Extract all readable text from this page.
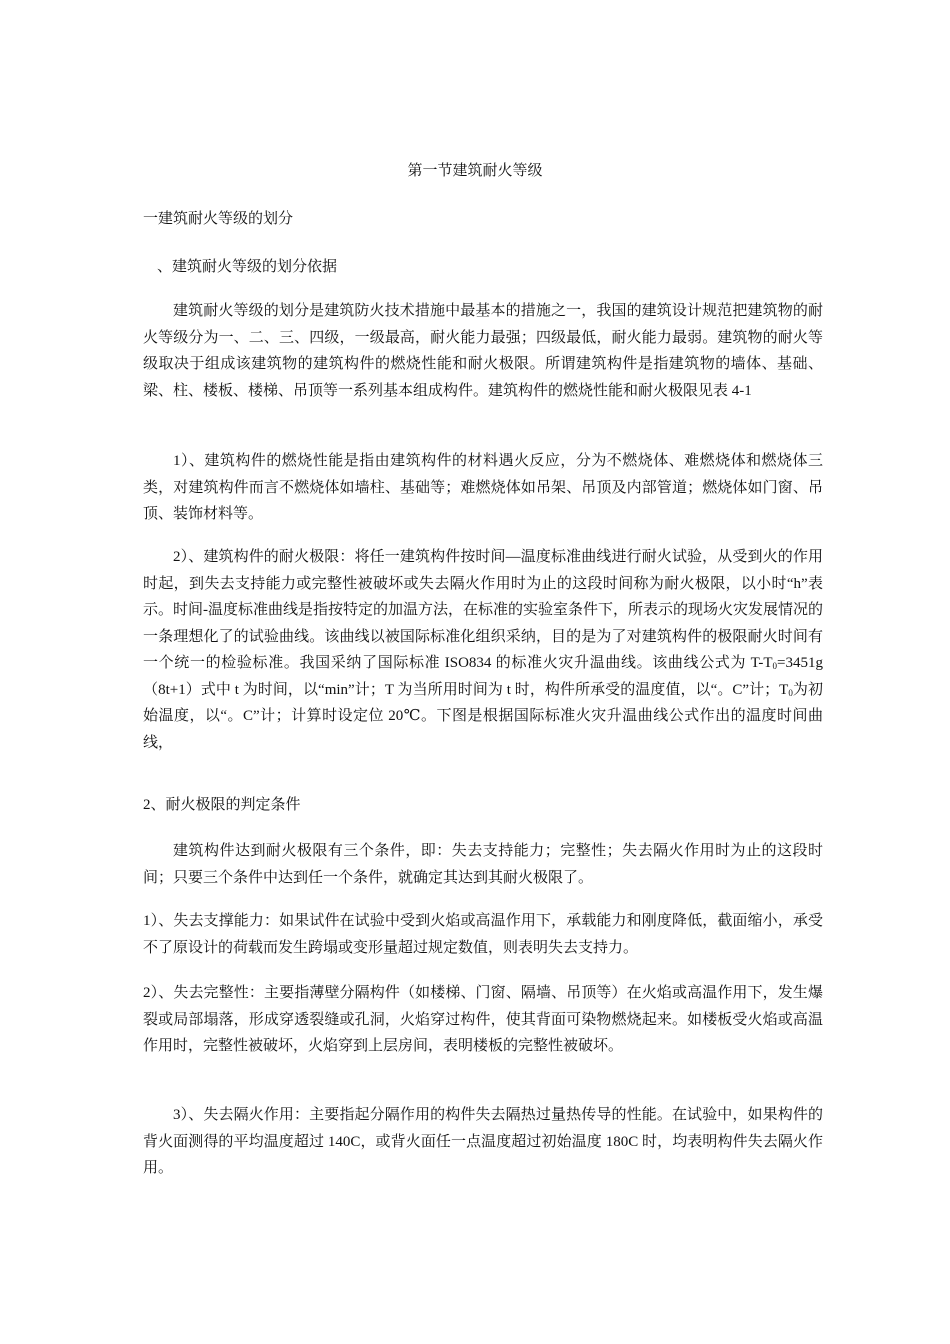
第一节建筑耐火等级

一建筑耐火等级的划分

、建筑耐火等级的划分依据

建筑耐火等级的划分是建筑防火技术措施中最基本的措施之一，我国的建筑设计规范把建筑物的耐火等级分为一、二、三、四级，一级最高，耐火能力最强；四级最低，耐火能力最弱。建筑物的耐火等级取决于组成该建筑物的建筑构件的燃烧性能和耐火极限。所谓建筑构件是指建筑物的墙体、基础、梁、柱、楼板、楼梯、吊顶等一系列基本组成构件。建筑构件的燃烧性能和耐火极限见表 4-1

1）、建筑构件的燃烧性能是指由建筑构件的材料遇火反应，分为不燃烧体、难燃烧体和燃烧体三类，对建筑构件而言不燃烧体如墙柱、基础等；难燃烧体如吊架、吊顶及内部管道；燃烧体如门窗、吊顶、装饰材料等。

2）、建筑构件的耐火极限：将任一建筑构件按时间—温度标准曲线进行耐火试验，从受到火的作用时起，到失去支持能力或完整性被破坏或失去隔火作用时为止的这段时间称为耐火极限，以小时“h”表示。时间-温度标准曲线是指按特定的加温方法，在标准的实验室条件下，所表示的现场火灾发展情况的一条理想化了的试验曲线。该曲线以被国际标准化组织采纳，目的是为了对建筑构件的极限耐火时间有一个统一的检验标准。我国采纳了国际标准 ISO834 的标准火灾升温曲线。该曲线公式为 $T-T_0=3451g(8t+1)$式中 t 为时间，以“min”计；T 为当所用时间为 t 时，构件所承受的温度值，以“。C”计；$T_0$为初始温度，以“。C”计；计算时设定位 20℃。下图是根据国际标准火灾升温曲线公式作出的温度时间曲线，

2、耐火极限的判定条件

建筑构件达到耐火极限有三个条件，即：失去支持能力；完整性；失去隔火作用时为止的这段时间；只要三个条件中达到任一个条件，就确定其达到其耐火极限了。

1）、失去支撑能力：如果试件在试验中受到火焰或高温作用下，承载能力和刚度降低，截面缩小，承受不了原设计的荷载而发生跨塌或变形量超过规定数值，则表明失去支持力。

2）、失去完整性：主要指薄壁分隔构件（如楼梯、门窗、隔墙、吊顶等）在火焰或高温作用下，发生爆裂或局部塌落，形成穿透裂缝或孔洞，火焰穿过构件，使其背面可染物燃烧起来。如楼板受火焰或高温作用时，完整性被破坏，火焰穿到上层房间，表明楼板的完整性被破坏。

3）、失去隔火作用：主要指起分隔作用的构件失去隔热过量热传导的性能。在试验中，如果构件的背火面测得的平均温度超过 140C，或背火面任一点温度超过初始温度 180C 时，均表明构件失去隔火作用。
